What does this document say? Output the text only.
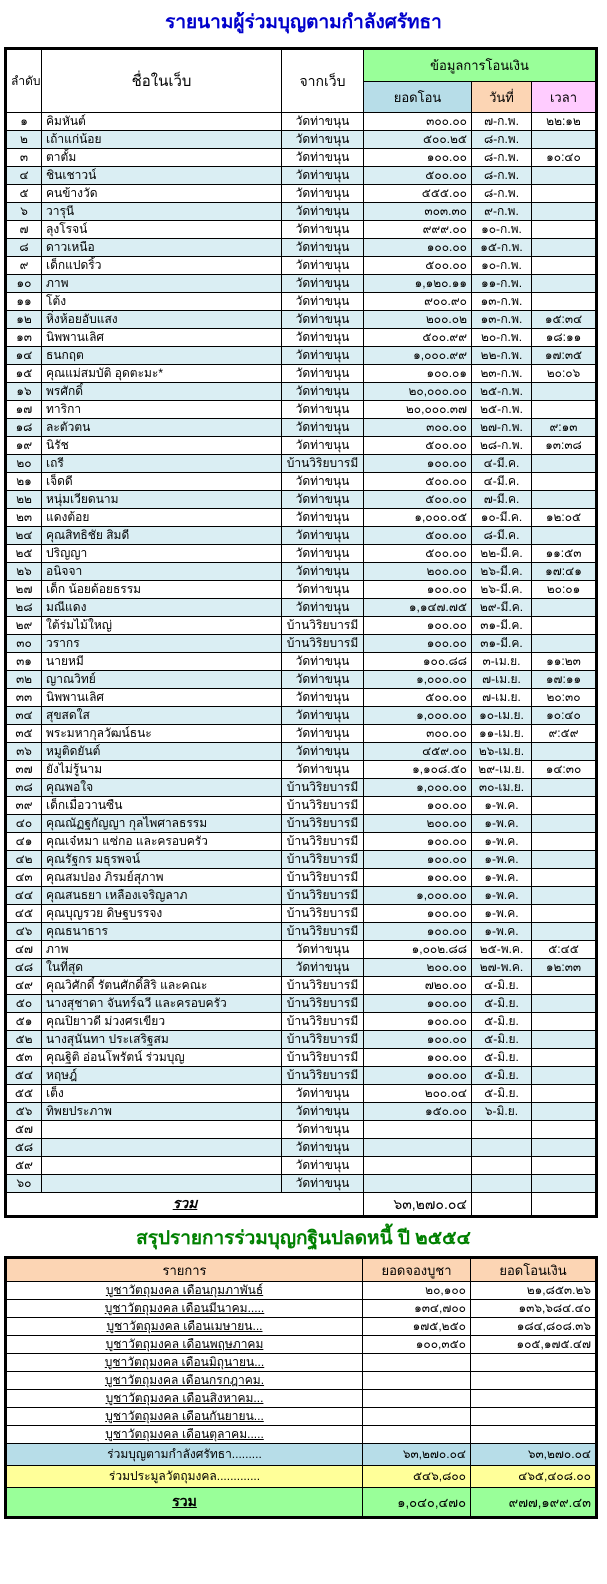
รายนามผู้ร่วมบุญตามกำลังศรัทธา
ลำดับ	ชื่อในเว็บ	จากเว็บ	ข้อมูลการโอนเงิน		
			ยอดโอน	วันที่	เวลา
๑	คิมหันต์	วัดท่าขนุน	๓๐๐.๐๐	๗-ก.พ.	๒๒:๑๒
๒	เถ้าแก่น้อย	วัดท่าขนุน	๕๐๐.๒๕	๘-ก.พ.	
๓	ตาตั้ม	วัดท่าขนุน	๑๐๐.๐๐	๘-ก.พ.	๑๐:๔๐
๔	ชินเชาวน์	วัดท่าขนุน	๕๐๐.๐๐	๘-ก.พ.	
๕	คนข้างวัด	วัดท่าขนุน	๕๕๕.๐๐	๘-ก.พ.	
๖	วารุนี	วัดท่าขนุน	๓๐๓.๓๐	๙-ก.พ.	
๗	ลุงโรจน์	วัดท่าขนุน	๙๙๙.๐๐	๑๐-ก.พ.	
๘	ดาวเหนือ	วัดท่าขนุน	๑๐๐.๐๐	๑๕-ก.พ.	
๙	เด็กแปดริ้ว	วัดท่าขนุน	๕๐๐.๐๐	๑๐-ก.พ.	
๑๐	ภาพ	วัดท่าขนุน	๑,๑๒๐.๑๑	๑๑-ก.พ.	
๑๑	โต้ง	วัดท่าขนุน	๙๐๐.๙๐	๑๓-ก.พ.	
๑๒	หิ่งห้อยอับแสง	วัดท่าขนุน	๒๐๐.๐๒	๑๓-ก.พ.	๑๕:๓๔
๑๓	นิพพานเลิศ	วัดท่าขนุน	๕๐๐.๙๙	๒๐-ก.พ.	๑๘:๑๑
๑๔	ธนกฤต	วัดท่าขนุน	๑,๐๐๐.๙๙	๒๒-ก.พ.	๑๗:๓๕
๑๕	คุณแม่สมบัติ อุดตะมะ*	วัดท่าขนุน	๑๐๐.๐๑	๒๓-ก.พ.	๒๐:๐๖
๑๖	พรศักดิ์	วัดท่าขนุน	๒๐,๐๐๐.๐๐	๒๕-ก.พ.	
๑๗	ทาริกา	วัดท่าขนุน	๒๐,๐๐๐.๓๗	๒๕-ก.พ.	
๑๘	ละตัวตน	วัดท่าขนุน	๓๐๐.๐๐	๒๗-ก.พ.	๙:๑๓
๑๙	นิรัช	วัดท่าขนุน	๕๐๐.๐๐	๒๘-ก.พ.	๑๓:๓๘
๒๐	เถรี	บ้านวิริยบารมี	๑๐๐.๐๐	๔-มี.ค.	
๒๑	เจ็ดดี	วัดท่าขนุน	๕๐๐.๐๐	๔-มี.ค.	
๒๒	หนุ่มเวียดนาม	วัดท่าขนุน	๕๐๐.๐๐	๗-มี.ค.	
๒๓	แดงต้อย	วัดท่าขนุน	๑,๐๐๐.๐๕	๑๐-มี.ค.	๑๒:๐๕
๒๔	คุณสิทธิชัย สิมดี	วัดท่าขนุน	๕๐๐.๐๐	๘-มี.ค.	
๒๕	ปริญญา	วัดท่าขนุน	๕๐๐.๐๐	๒๒-มี.ค.	๑๑:๕๓
๒๖	อนิจจา	วัดท่าขนุน	๒๐๐.๐๐	๒๖-มี.ค.	๑๗:๔๑
๒๗	เด็ก น้อยด้อยธรรม	วัดท่าขนุน	๑๐๐.๐๐	๒๖-มี.ค.	๒๐:๐๑
๒๘	มณีแดง	วัดท่าขนุน	๑,๑๔๗.๗๕	๒๙-มี.ค.	
๒๙	ใต้ร่มไม้ใหญ่	บ้านวิริยบารมี	๑๐๐.๐๐	๓๑-มี.ค.	
๓๐	วรากร	บ้านวิริยบารมี	๑๐๐.๐๐	๓๑-มี.ค.	
๓๑	นายหมี	วัดท่าขนุน	๑๐๐.๘๘	๓-เม.ย.	๑๑:๒๓
๓๒	ญาณวิทย์	วัดท่าขนุน	๑,๐๐๐.๐๐	๗-เม.ย.	๑๗:๑๑
๓๓	นิพพานเลิศ	วัดท่าขนุน	๕๐๐.๐๐	๗-เม.ย.	๒๐:๓๐
๓๔	สุขสดใส	วัดท่าขนุน	๑,๐๐๐.๐๐	๑๐-เม.ย.	๑๐:๔๐
๓๕	พระมหากุลวัฒน์ธนะ	วัดท่าขนุน	๓๐๐.๐๐	๑๑-เม.ย.	๙:๕๙
๓๖	หมูติดยันต์	วัดท่าขนุน	๔๕๙.๐๐	๒๖-เม.ย.	
๓๗	ยังไม่รู้นาม	วัดท่าขนุน	๑,๑๐๘.๕๐	๒๙-เม.ย.	๑๔:๓๐
๓๘	คุณพอใจ	บ้านวิริยบารมี	๑,๐๐๐.๐๐	๓๐-เม.ย.	
๓๙	เด็กเมื่อวานซืน	บ้านวิริยบารมี	๑๐๐.๐๐	๑-พ.ค.	
๔๐	คุณณัฏฐกัญญา กุลไพศาลธรรม	บ้านวิริยบารมี	๒๐๐.๐๐	๑-พ.ค.	
๔๑	คุณเจ๋หมา แซ่กอ และครอบครัว	บ้านวิริยบารมี	๑๐๐.๐๐	๑-พ.ค.	
๔๒	คุณรัฐกร มธุรพจน์	บ้านวิริยบารมี	๑๐๐.๐๐	๑-พ.ค.	
๔๓	คุณสมปอง ภิรมย์สุภาพ	บ้านวิริยบารมี	๑๐๐.๐๐	๑-พ.ค.	
๔๔	คุณสนธยา เหลืองเจริญลาภ	บ้านวิริยบารมี	๑,๐๐๐.๐๐	๑-พ.ค.	
๔๕	คุณบุญรวย ดิษฐบรรจง	บ้านวิริยบารมี	๑๐๐.๐๐	๑-พ.ค.	
๔๖	คุณธนาธาร	บ้านวิริยบารมี	๑๐๐.๐๐	๑-พ.ค.	
๔๗	ภาพ	วัดท่าขนุน	๑,๐๐๒.๘๘	๒๕-พ.ค.	๕:๔๕
๔๘	ในที่สุด	วัดท่าขนุน	๒๐๐.๐๐	๒๗-พ.ค.	๑๒:๓๓
๔๙	คุณวิศักดิ์ รัตนศักดิ์สิริ และคณะ	บ้านวิริยบารมี	๗๒๐.๐๐	๔-มิ.ย.	
๕๐	นางสุชาดา จันทร์ฉวี และครอบครัว	บ้านวิริยบารมี	๑๐๐.๐๐	๕-มิ.ย.	
๕๑	คุณปิยาวดี ม่วงศรเขียว	บ้านวิริยบารมี	๑๐๐.๐๐	๕-มิ.ย.	
๕๒	นางสุนันทา ประเสริฐสม	บ้านวิริยบารมี	๑๐๐.๐๐	๕-มิ.ย.	
๕๓	คุณฐิติ อ่อนโพรัตน์ ร่วมบุญ	บ้านวิริยบารมี	๑๐๐.๐๐	๕-มิ.ย.	
๕๔	หฤษฎ์	บ้านวิริยบารมี	๑๐๐.๐๐	๕-มิ.ย.	
๕๕	เต็ง	วัดท่าขนุน	๒๐๐.๐๔	๕-มิ.ย.	
๕๖	ทิพยประภาพ	วัดท่าขนุน	๑๕๐.๐๐	๖-มิ.ย.	
๕๗		วัดท่าขนุน			
๕๘		วัดท่าขนุน			
๕๙		วัดท่าขนุน			
๖๐		วัดท่าขนุน			
รวม			๖๓,๒๗๐.๐๔		
สรุปรายการร่วมบุญกฐินปลดหนี้ ปี ๒๕๕๔
รายการ	ยอดจองบูชา	ยอดโอนเงิน
บูชาวัตถุมงคล เดือนกุมภาพันธ์	๒๐,๑๐๐	๒๑,๘๕๓.๒๖
บูชาวัตถุมงคล เดือนมีนาคม.....	๑๓๔,๗๐๐	๑๓๖,๖๘๔.๔๐
บูชาวัตถุมงคล เดือนเมษายน...	๑๗๕,๒๕๐	๑๘๔,๘๐๘.๓๖
บูชาวัตถุมงคล เดือนพฤษภาคม	๑๐๐,๓๕๐	๑๐๕,๑๗๕.๔๗
บูชาวัตถุมงคล เดือนมิถุนายน...		
บูชาวัตถุมงคล เดือนกรกฎาคม.		
บูชาวัตถุมงคล เดือนสิงหาคม...		
บูชาวัตถุมงคล เดือนกันยายน...		
บูชาวัตถุมงคล เดือนตุลาคม.....		
ร่วมบุญตามกำลังศรัทธา.........	๖๓,๒๗๐.๐๔	๖๓,๒๗๐.๐๔
ร่วมประมูลวัตถุมงคล.............	๕๔๖,๘๐๐	๔๖๕,๔๐๘.๐๐
รวม	๑,๐๔๐,๔๗๐	๙๗๗,๑๙๙.๔๓
